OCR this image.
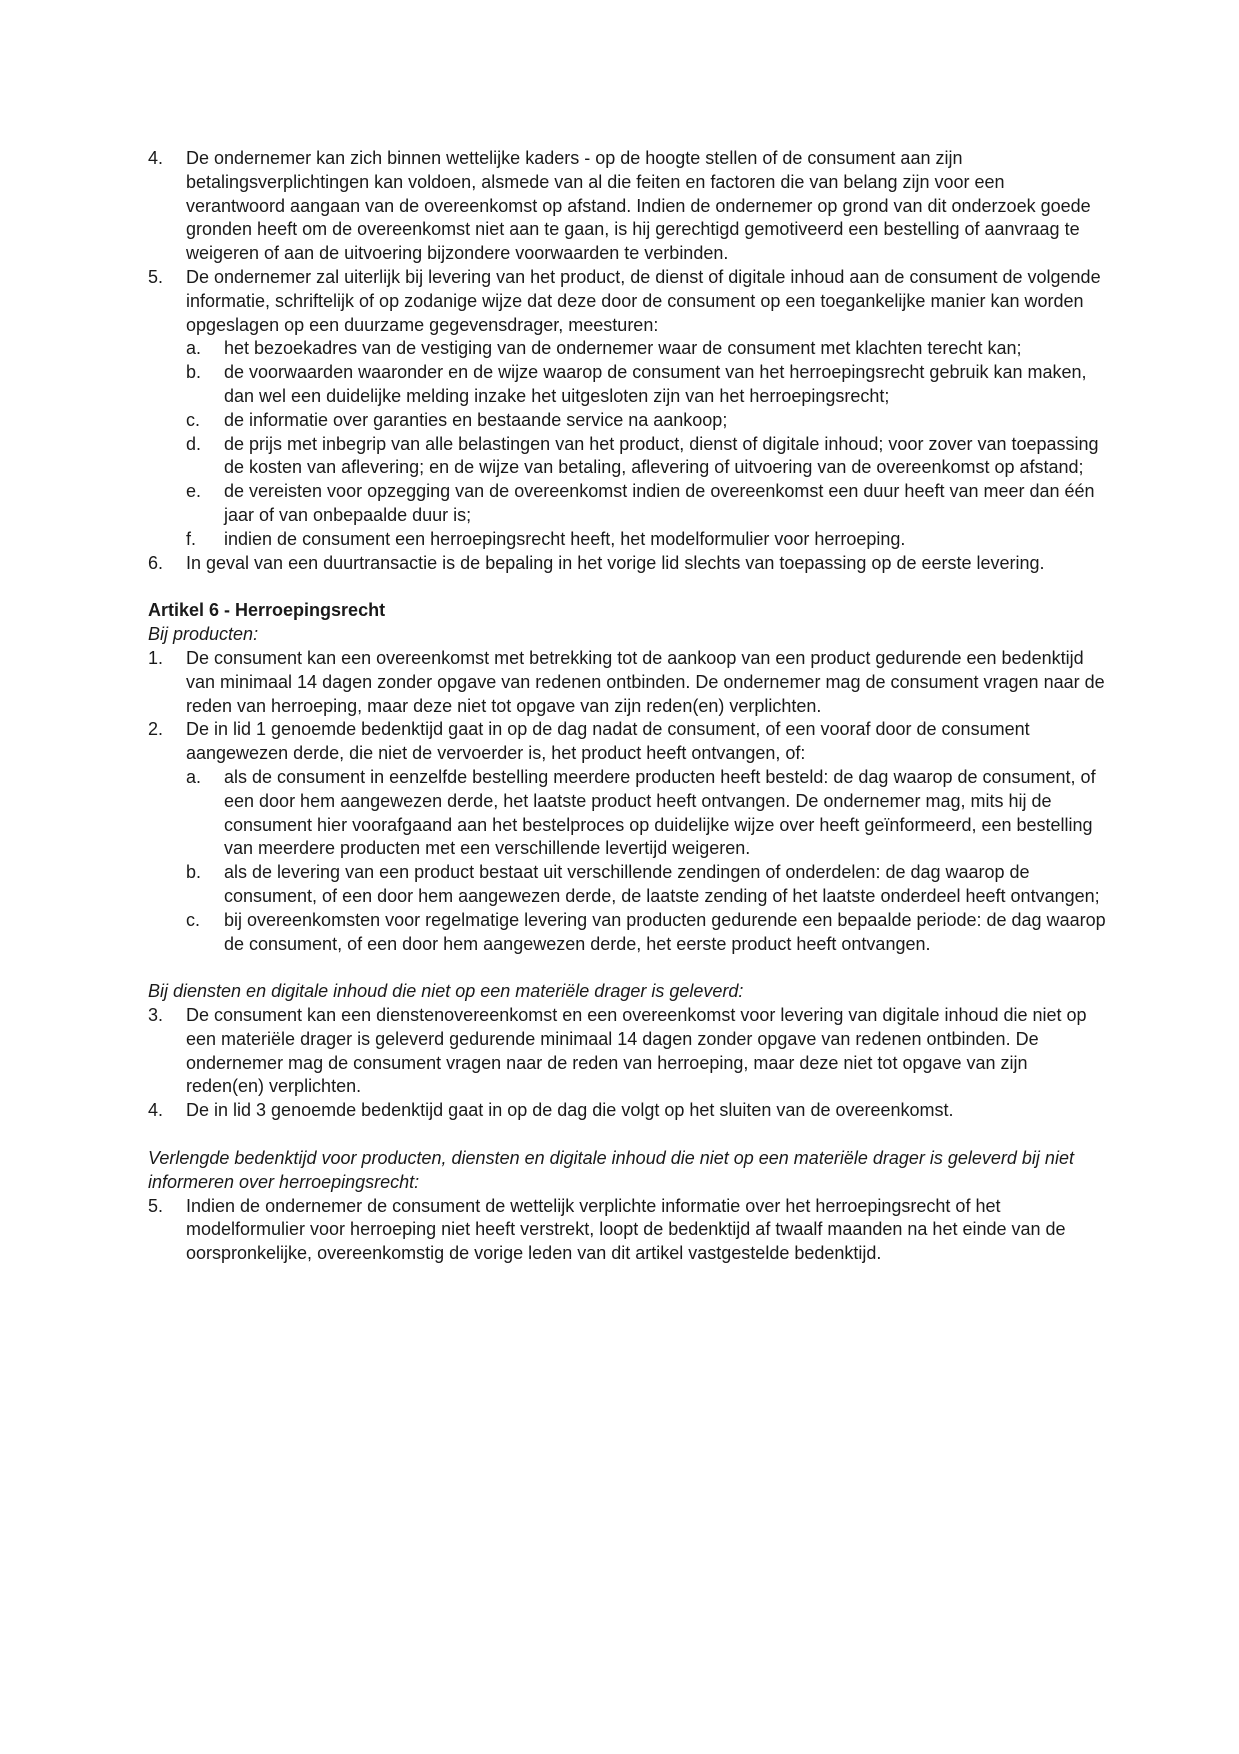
4. De ondernemer kan zich binnen wettelijke kaders - op de hoogte stellen of de consument aan zijn betalingsverplichtingen kan voldoen, alsmede van al die feiten en factoren die van belang zijn voor een verantwoord aangaan van de overeenkomst op afstand. Indien de ondernemer op grond van dit onderzoek goede gronden heeft om de overeenkomst niet aan te gaan, is hij gerechtigd gemotiveerd een bestelling of aanvraag te weigeren of aan de uitvoering bijzondere voorwaarden te verbinden.
5. De ondernemer zal uiterlijk bij levering van het product, de dienst of digitale inhoud aan de consument de volgende informatie, schriftelijk of op zodanige wijze dat deze door de consument op een toegankelijke manier kan worden opgeslagen op een duurzame gegevensdrager, meesturen:
a. het bezoekadres van de vestiging van de ondernemer waar de consument met klachten terecht kan;
b. de voorwaarden waaronder en de wijze waarop de consument van het herroepingsrecht gebruik kan maken, dan wel een duidelijke melding inzake het uitgesloten zijn van het herroepingsrecht;
c. de informatie over garanties en bestaande service na aankoop;
d. de prijs met inbegrip van alle belastingen van het product, dienst of digitale inhoud; voor zover van toepassing de kosten van aflevering; en de wijze van betaling, aflevering of uitvoering van de overeenkomst op afstand;
e. de vereisten voor opzegging van de overeenkomst indien de overeenkomst een duur heeft van meer dan één jaar of van onbepaalde duur is;
f. indien de consument een herroepingsrecht heeft, het modelformulier voor herroeping.
6. In geval van een duurtransactie is de bepaling in het vorige lid slechts van toepassing op de eerste levering.
Artikel 6 - Herroepingsrecht
Bij producten:
1. De consument kan een overeenkomst met betrekking tot de aankoop van een product gedurende een bedenktijd van minimaal 14 dagen zonder opgave van redenen ontbinden. De ondernemer mag de consument vragen naar de reden van herroeping, maar deze niet tot opgave van zijn reden(en) verplichten.
2. De in lid 1 genoemde bedenktijd gaat in op de dag nadat de consument, of een vooraf door de consument aangewezen derde, die niet de vervoerder is, het product heeft ontvangen, of:
a. als de consument in eenzelfde bestelling meerdere producten heeft besteld: de dag waarop de consument, of een door hem aangewezen derde, het laatste product heeft ontvangen. De ondernemer mag, mits hij de consument hier voorafgaand aan het bestelproces op duidelijke wijze over heeft geïnformeerd, een bestelling van meerdere producten met een verschillende levertijd weigeren.
b. als de levering van een product bestaat uit verschillende zendingen of onderdelen: de dag waarop de consument, of een door hem aangewezen derde, de laatste zending of het laatste onderdeel heeft ontvangen;
c. bij overeenkomsten voor regelmatige levering van producten gedurende een bepaalde periode: de dag waarop de consument, of een door hem aangewezen derde, het eerste product heeft ontvangen.
Bij diensten en digitale inhoud die niet op een materiële drager is geleverd:
3. De consument kan een dienstenovereenkomst en een overeenkomst voor levering van digitale inhoud die niet op een materiële drager is geleverd gedurende minimaal 14 dagen zonder opgave van redenen ontbinden. De ondernemer mag de consument vragen naar de reden van herroeping, maar deze niet tot opgave van zijn reden(en) verplichten.
4. De in lid 3 genoemde bedenktijd gaat in op de dag die volgt op het sluiten van de overeenkomst.
Verlengde bedenktijd voor producten, diensten en digitale inhoud die niet op een materiële drager is geleverd bij niet informeren over herroepingsrecht:
5. Indien de ondernemer de consument de wettelijk verplichte informatie over het herroepingsrecht of het modelformulier voor herroeping niet heeft verstrekt, loopt de bedenktijd af twaalf maanden na het einde van de oorspronkelijke, overeenkomstig de vorige leden van dit artikel vastgestelde bedenktijd.
